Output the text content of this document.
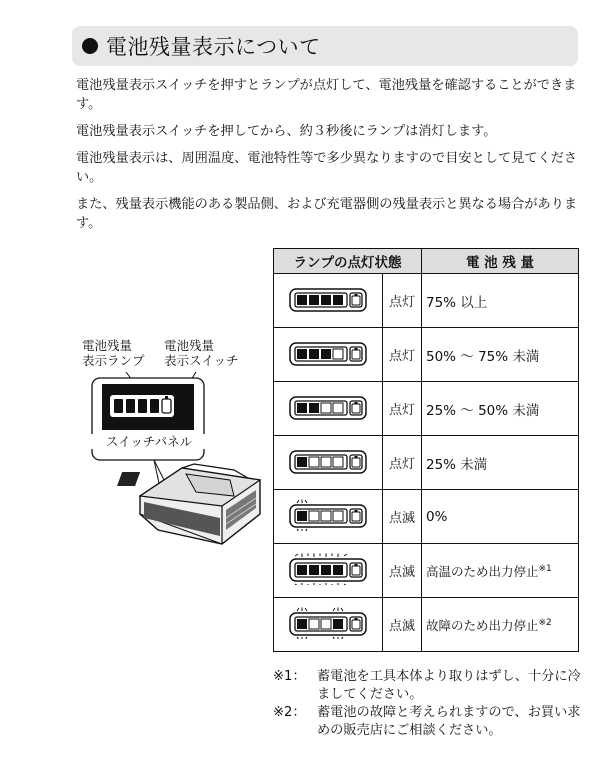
電池残量表示について

電池残量表示スイッチを押すとランプが点灯して、電池残量を確認することができます。

電池残量表示スイッチを押してから、約３秒後にランプは消灯します。

電池残量表示は、周囲温度、電池特性等で多少異なりますので目安として見てください。

また、残量表示機能のある製品側、および充電器側の残量表示と異なる場合があります。

電池残量
表示ランプ
電池残量
表示スイッチ
スイッチパネル
ランプの点灯状態		電 池 残 量
	点灯	75% 以上
	点灯	50% ～ 75% 未満
	点灯	25% ～ 50% 未満
	点灯	25% 未満
	点滅	0%
	点滅	高温のため出力停止$^{※1}$
	点滅	故障のため出力停止$^{※2}$
※1： 蓄電池を工具本体より取りはずし、十分に冷ましてください。
※2： 蓄電池の故障と考えられますので、お買い求めの販売店にご相談ください。
